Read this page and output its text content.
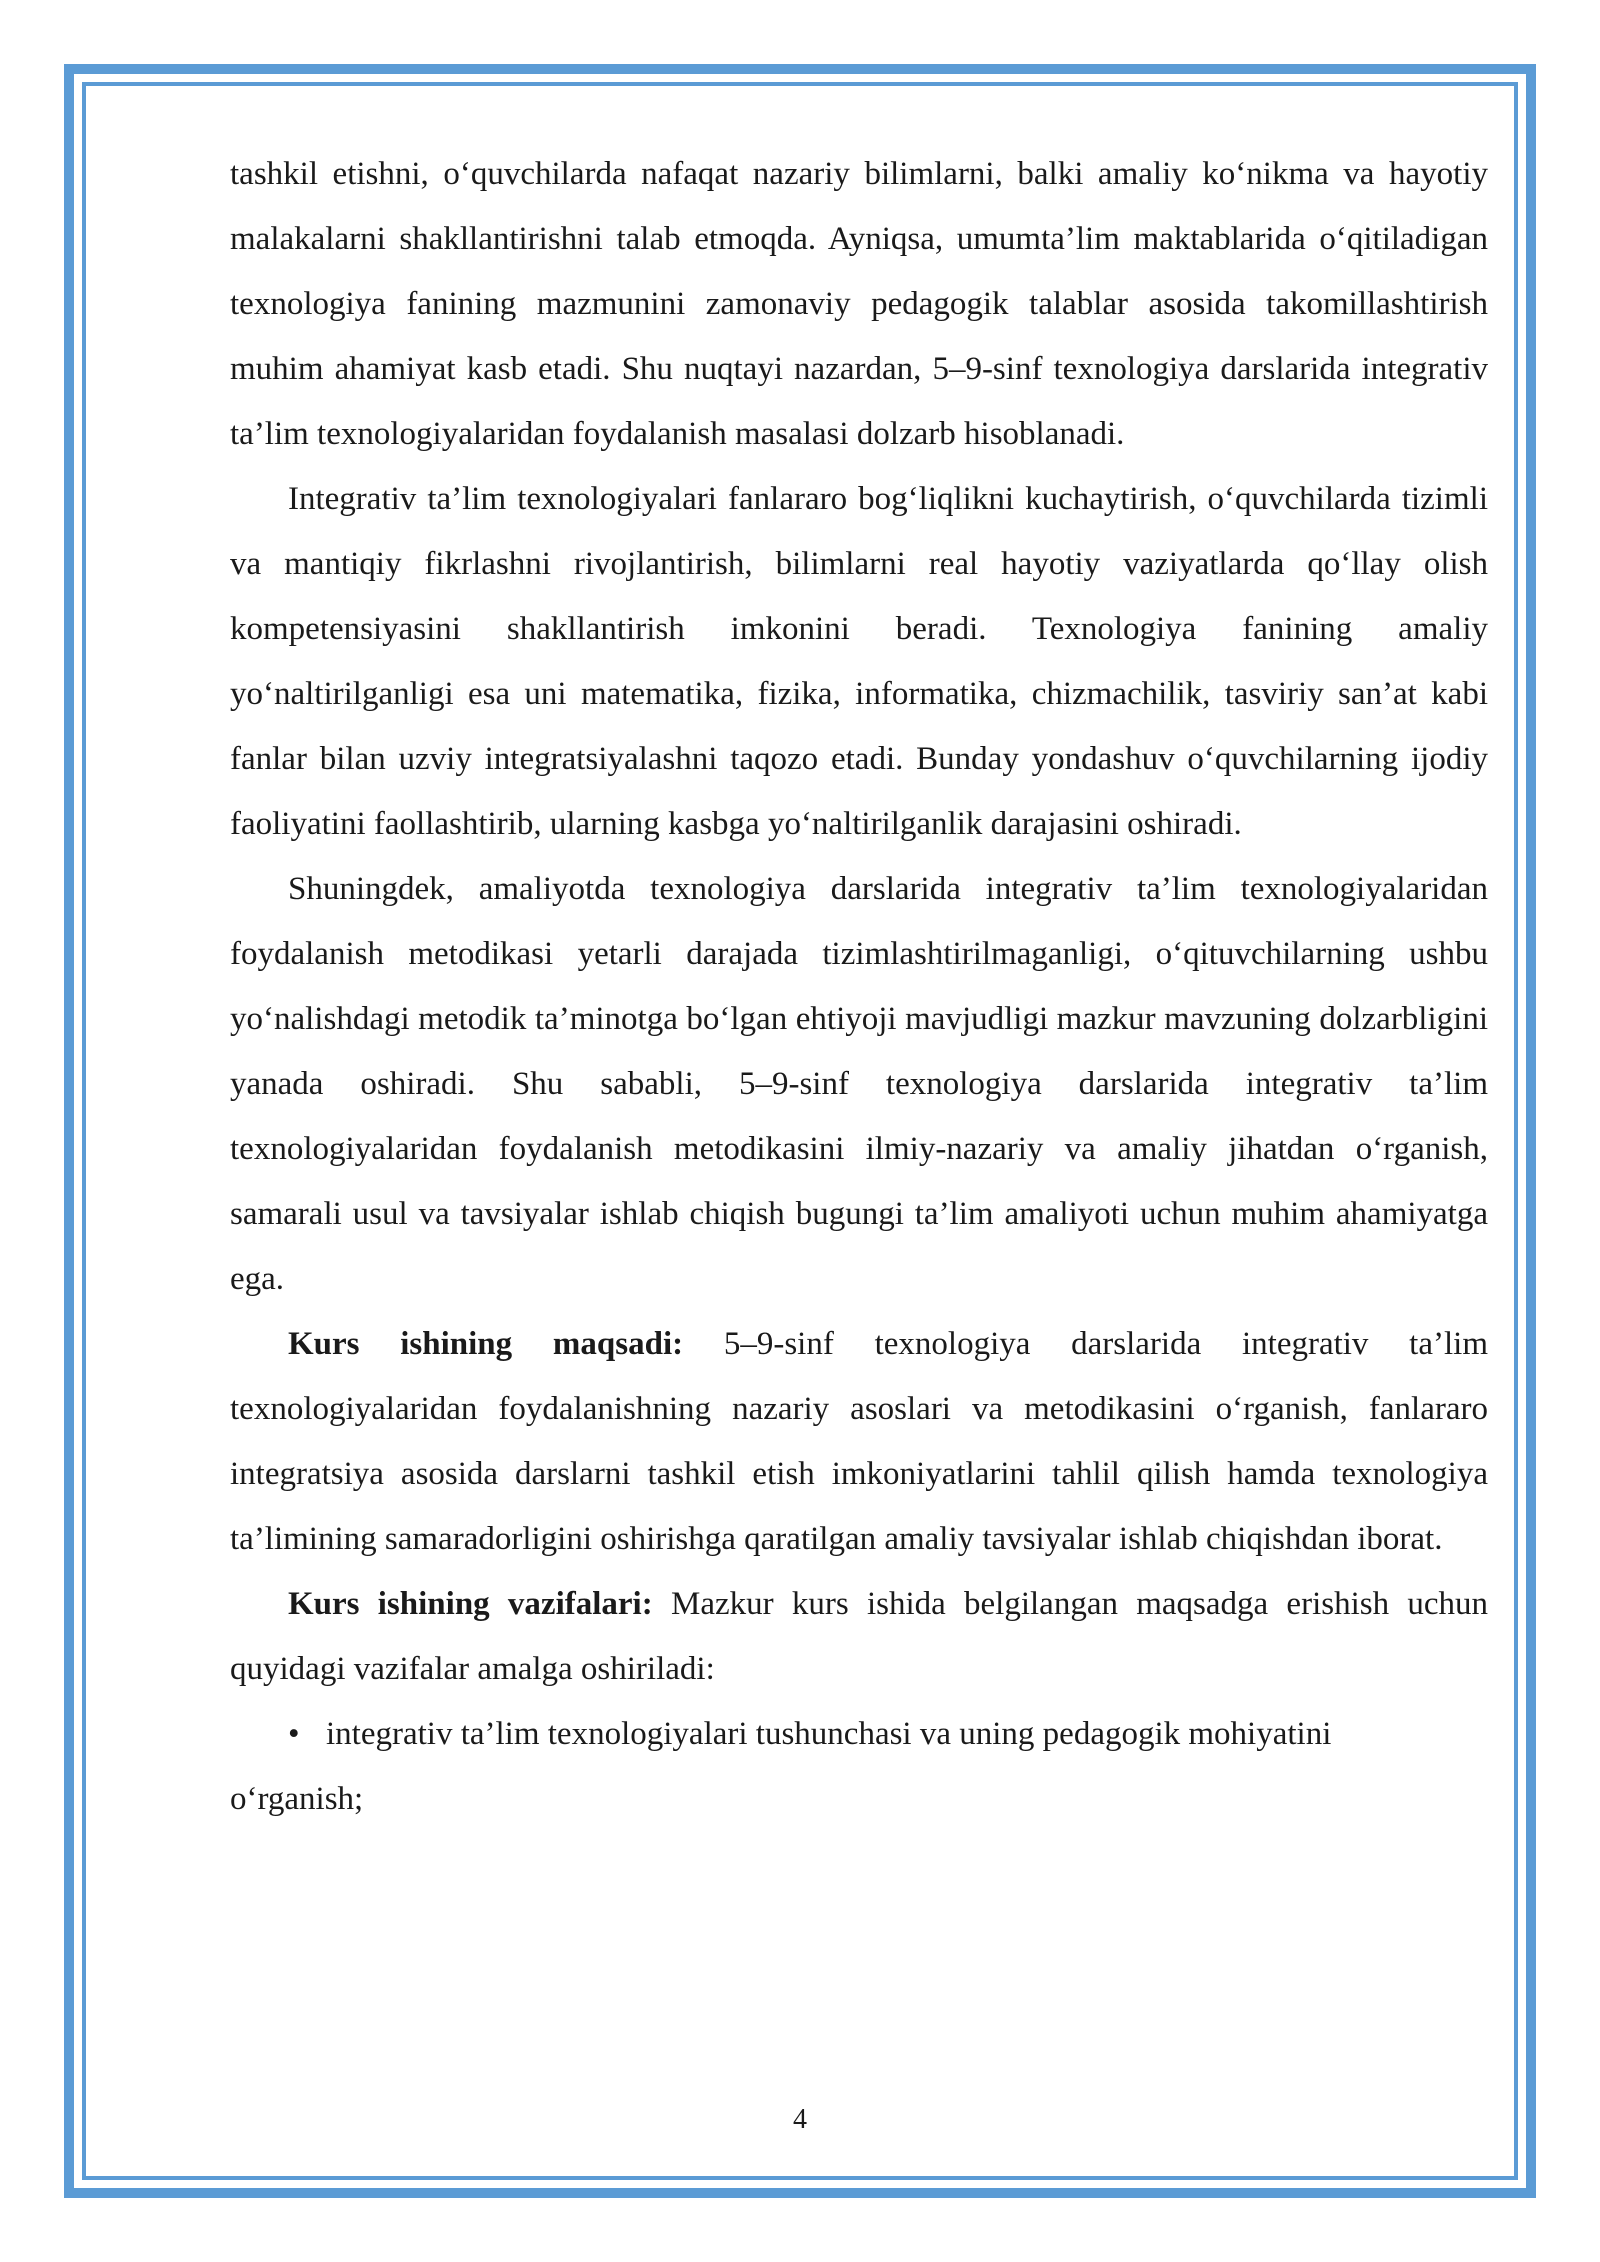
tashkil etishni, o‘quvchilarda nafaqat nazariy bilimlarni, balki amaliy ko‘nikma va hayotiy malakalarni shakllantirishni talab etmoqda. Ayniqsa, umumta’lim maktablarida o‘qitiladigan texnologiya fanining mazmunini zamonaviy pedagogik talablar asosida takomillashtirish muhim ahamiyat kasb etadi. Shu nuqtayi nazardan, 5–9-sinf texnologiya darslarida integrativ ta’lim texnologiyalaridan foydalanish masalasi dolzarb hisoblanadi.

Integrativ ta’lim texnologiyalari fanlararo bog‘liqlikni kuchaytirish, o‘quvchilarda tizimli va mantiqiy fikrlashni rivojlantirish, bilimlarni real hayotiy vaziyatlarda qo‘llay olish kompetensiyasini shakllantirish imkonini beradi. Texnologiya fanining amaliy yo‘naltirilganligi esa uni matematika, fizika, informatika, chizmachilik, tasviriy san’at kabi fanlar bilan uzviy integratsiyalashni taqozo etadi. Bunday yondashuv o‘quvchilarning ijodiy faoliyatini faollashtirib, ularning kasbga yo‘naltirilganlik darajasini oshiradi.

Shuningdek, amaliyotda texnologiya darslarida integrativ ta’lim texnologiyalaridan foydalanish metodikasi yetarli darajada tizimlashtirilmaganligi, o‘qituvchilarning ushbu yo‘nalishdagi metodik ta’minotga bo‘lgan ehtiyoji mavjudligi mazkur mavzuning dolzarbligini yanada oshiradi. Shu sababli, 5–9-sinf texnologiya darslarida integrativ ta’lim texnologiyalaridan foydalanish metodikasini ilmiy-nazariy va amaliy jihatdan o‘rganish, samarali usul va tavsiyalar ishlab chiqish bugungi ta’lim amaliyoti uchun muhim ahamiyatga ega.

Kurs ishining maqsadi: 5–9-sinf texnologiya darslarida integrativ ta’lim texnologiyalaridan foydalanishning nazariy asoslari va metodikasini o‘rganish, fanlararo integratsiya asosida darslarni tashkil etish imkoniyatlarini tahlil qilish hamda texnologiya ta’limining samaradorligini oshirishga qaratilgan amaliy tavsiyalar ishlab chiqishdan iborat.

Kurs ishining vazifalari: Mazkur kurs ishida belgilangan maqsadga erishish uchun quyidagi vazifalar amalga oshiriladi:

• integrativ ta’lim texnologiyalari tushunchasi va uning pedagogik mohiyatini
o‘rganish;
4
